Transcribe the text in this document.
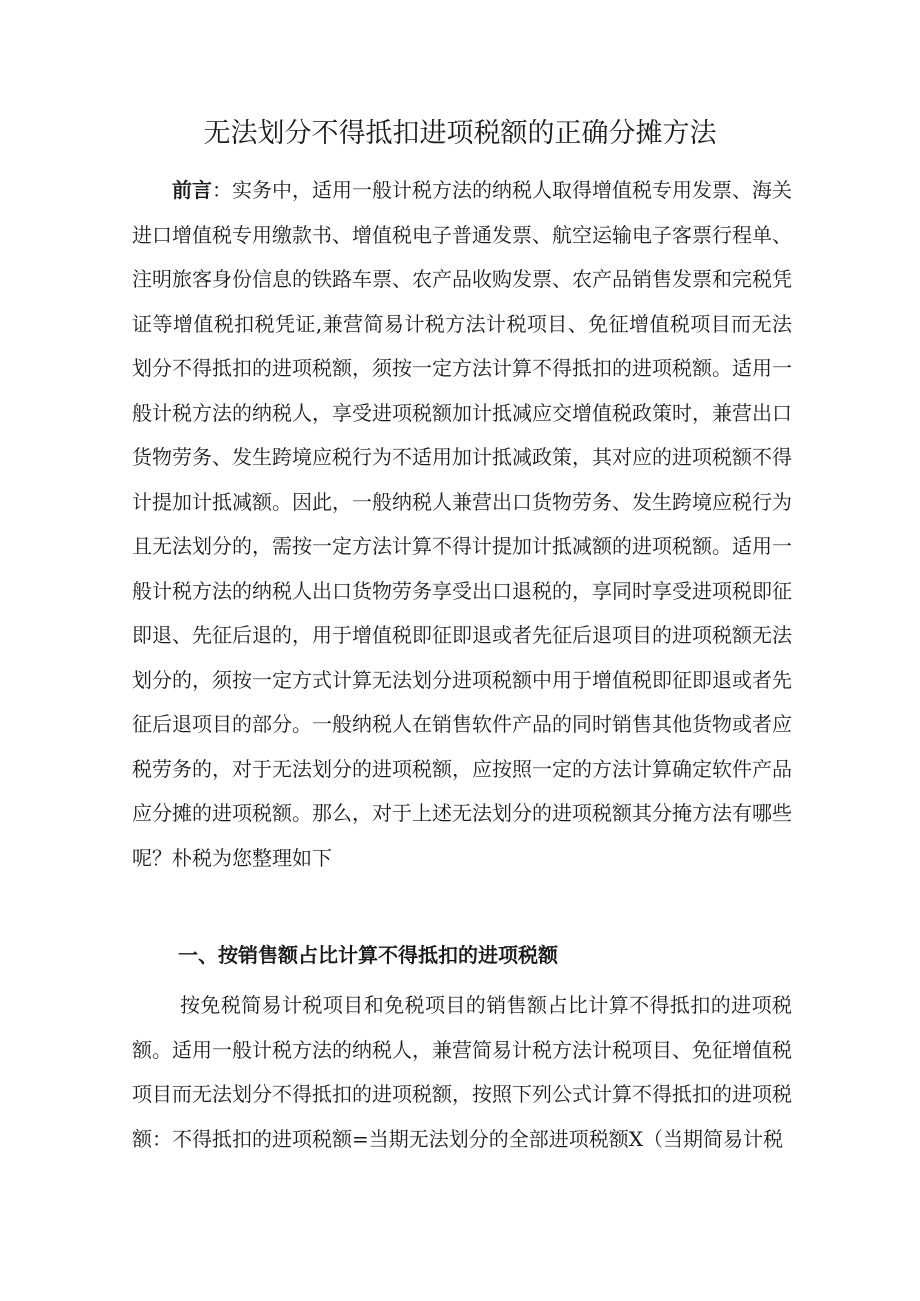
无法划分不得抵扣进项税额的正确分摊方法

前言：实务中，适用一般计税方法的纳税人取得增值税专用发票、海关进口增值税专用缴款书、增值税电子普通发票、航空运输电子客票行程单、注明旅客身份信息的铁路车票、农产品收购发票、农产品销售发票和完税凭证等增值税扣税凭证,兼营简易计税方法计税项目、免征增值税项目而无法划分不得抵扣的进项税额，须按一定方法计算不得抵扣的进项税额。适用一般计税方法的纳税人，享受进项税额加计抵减应交增值税政策时，兼营出口货物劳务、发生跨境应税行为不适用加计抵减政策，其对应的进项税额不得计提加计抵减额。因此，一般纳税人兼营出口货物劳务、发生跨境应税行为且无法划分的，需按一定方法计算不得计提加计抵减额的进项税额。适用一般计税方法的纳税人出口货物劳务享受出口退税的，享同时享受进项税即征即退、先征后退的，用于增值税即征即退或者先征后退项目的进项税额无法划分的，须按一定方式计算无法划分进项税额中用于增值税即征即退或者先征后退项目的部分。一般纳税人在销售软件产品的同时销售其他货物或者应税劳务的，对于无法划分的进项税额，应按照一定的方法计算确定软件产品应分摊的进项税额。那么，对于上述无法划分的进项税额其分掩方法有哪些呢？朴税为您整理如下

一、按销售额占比计算不得抵扣的进项税额

按免税简易计税项目和免税项目的销售额占比计算不得抵扣的进项税额。适用一般计税方法的纳税人，兼营简易计税方法计税项目、免征增值税项目而无法划分不得抵扣的进项税额，按照下列公式计算不得抵扣的进项税额：不得抵扣的进项税额=当期无法划分的全部进项税额X（当期简易计税
